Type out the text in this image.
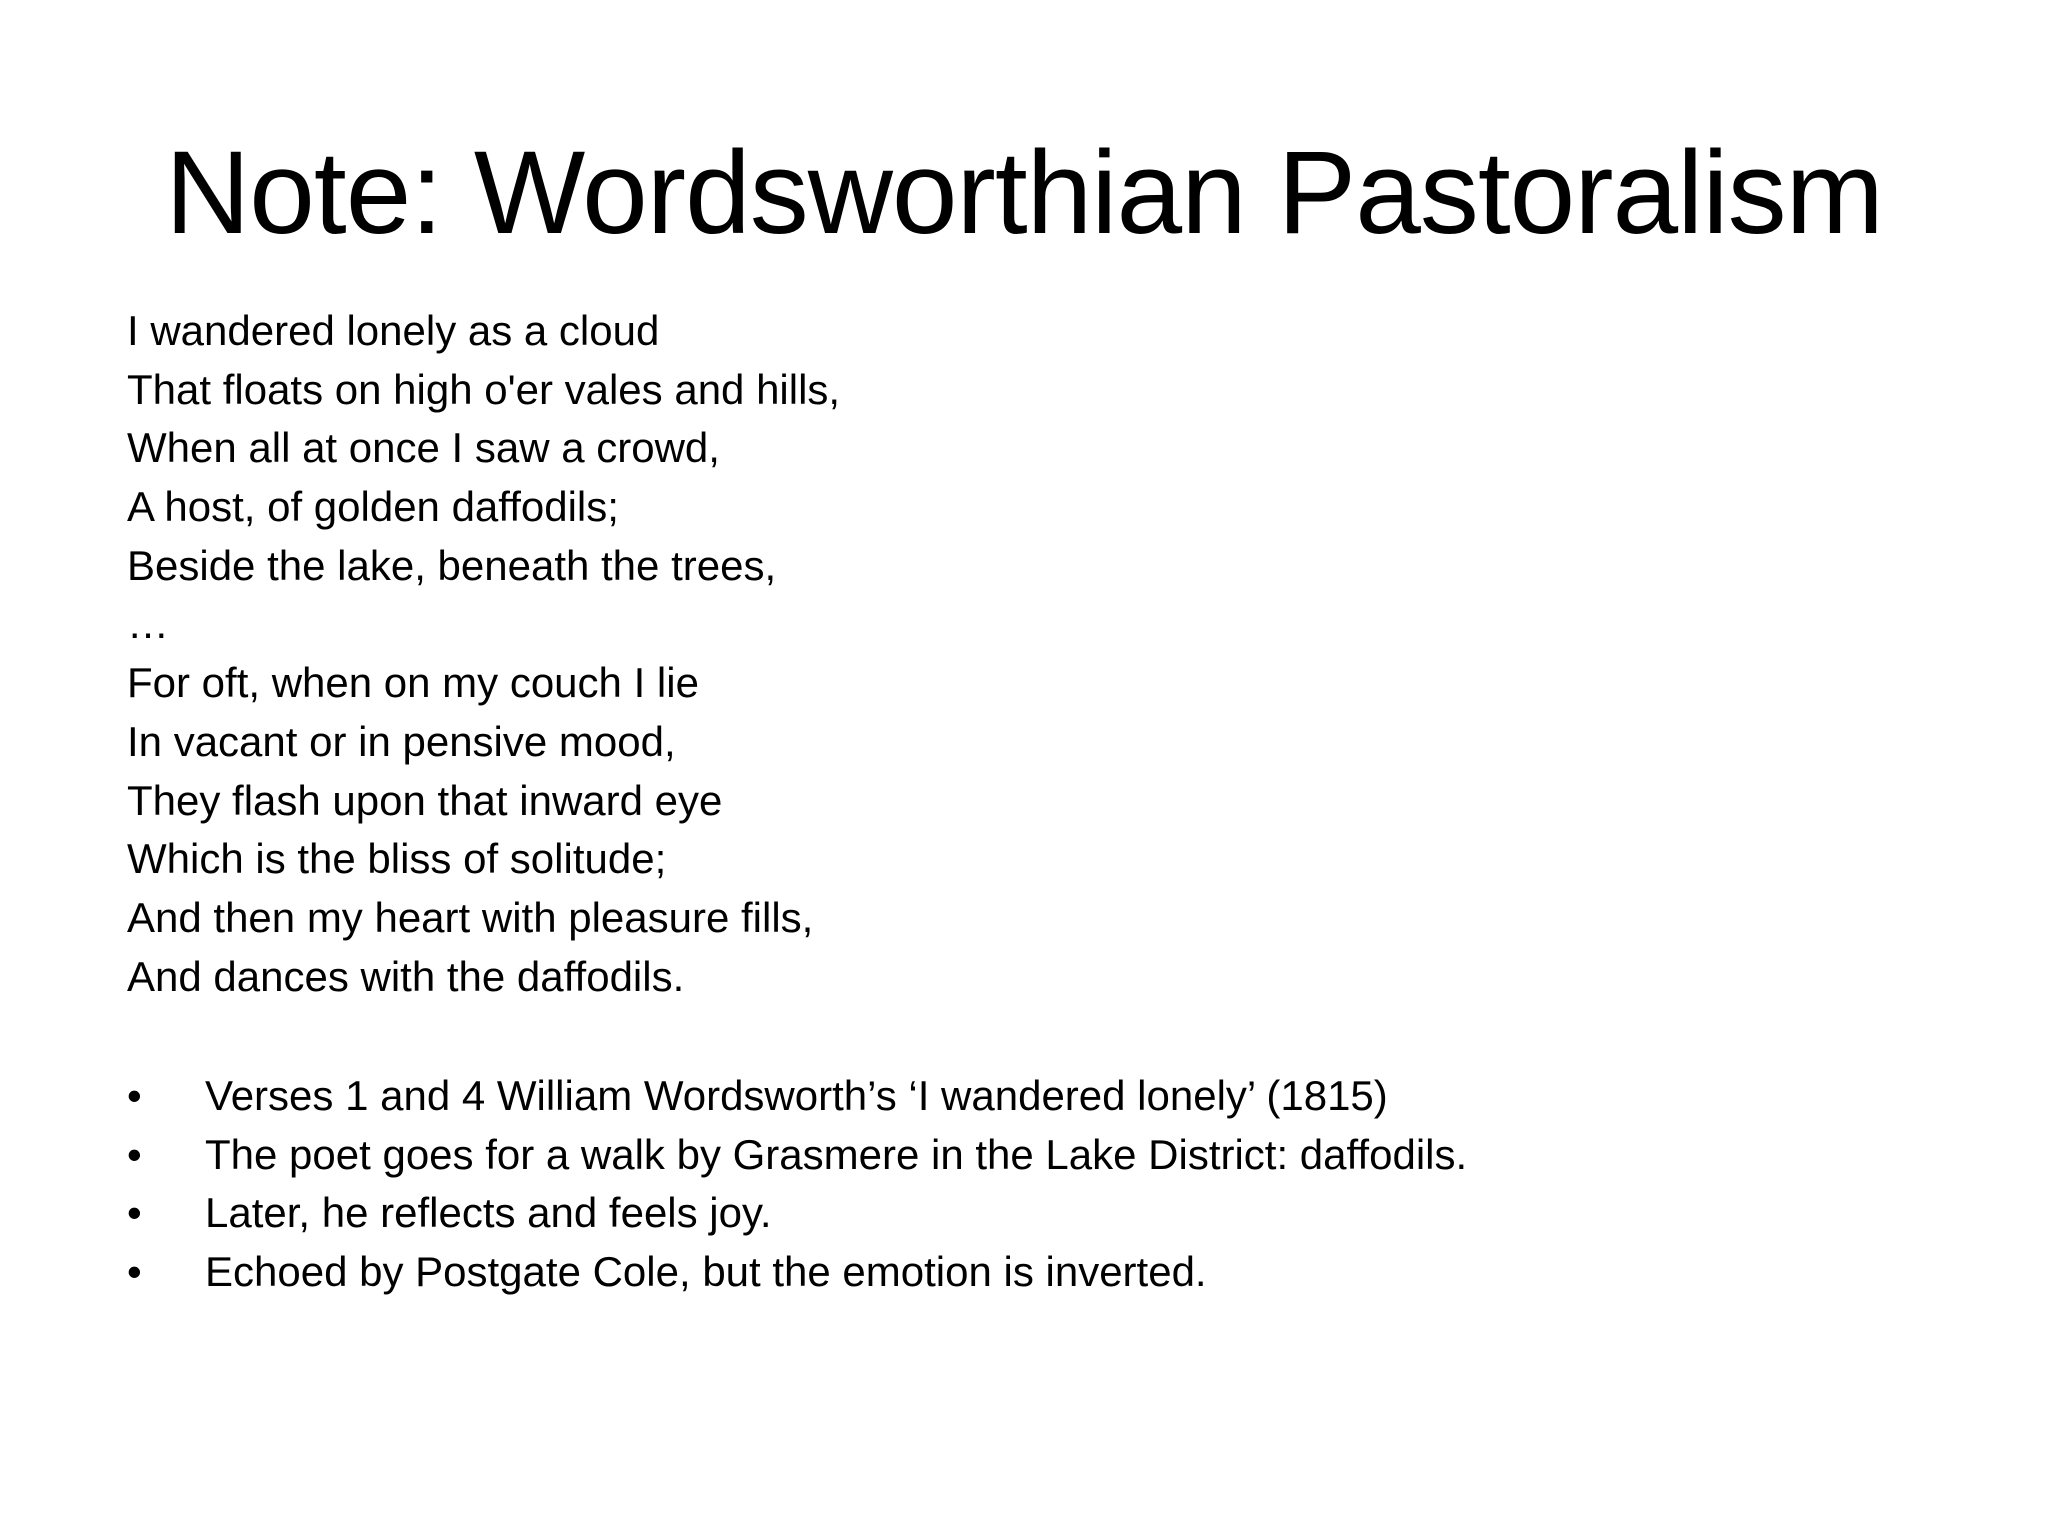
Note: Wordsworthian Pastoralism
I wandered lonely as a cloud
That floats on high o'er vales and hills,
When all at once I saw a crowd,
A host, of golden daffodils;
Beside the lake, beneath the trees,
…
For oft, when on my couch I lie
In vacant or in pensive mood,
They flash upon that inward eye
Which is the bliss of solitude;
And then my heart with pleasure fills,
And dances with the daffodils.
• Verses 1 and 4 William Wordsworth’s ‘I wandered lonely’ (1815)
• The poet goes for a walk by Grasmere in the Lake District: daffodils.
• Later, he reflects and feels joy.
• Echoed by Postgate Cole, but the emotion is inverted.
